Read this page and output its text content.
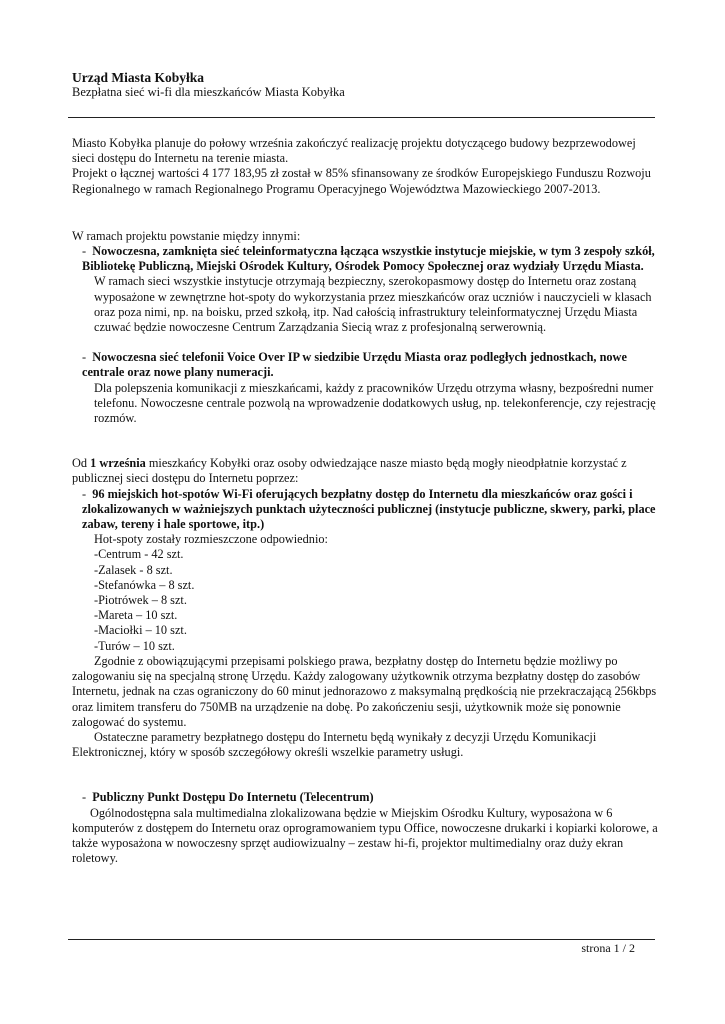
Urząd Miasta Kobyłka
Bezpłatna sieć wi-fi dla mieszkańców Miasta Kobyłka

Miasto Kobyłka planuje do połowy września zakończyć realizację projektu dotyczącego budowy bezprzewodowej sieci dostępu do Internetu na terenie miasta.

Projekt o łącznej wartości 4 177 183,95 zł został w 85% sfinansowany ze środków Europejskiego Funduszu Rozwoju Regionalnego w ramach Regionalnego Programu Operacyjnego Województwa Mazowieckiego 2007-2013.

W ramach projektu powstanie między innymi:

- Nowoczesna, zamknięta sieć teleinformatyczna łącząca wszystkie instytucje miejskie, w tym 3 zespoły szkół, Bibliotekę Publiczną, Miejski Ośrodek Kultury, Ośrodek Pomocy Społecznej oraz wydziały Urzędu Miasta.

W ramach sieci wszystkie instytucje otrzymają bezpieczny, szerokopasmowy dostęp do Internetu oraz zostaną wyposażone w zewnętrzne hot-spoty do wykorzystania przez mieszkańców oraz uczniów i nauczycieli w klasach oraz poza nimi, np. na boisku, przed szkołą, itp. Nad całością infrastruktury teleinformatycznej Urzędu Miasta czuwać będzie nowoczesne Centrum Zarządzania Siecią wraz z profesjonalną serwerownią.

- Nowoczesna sieć telefonii Voice Over IP w siedzibie Urzędu Miasta oraz podległych jednostkach, nowe centrale oraz nowe plany numeracji.

Dla polepszenia komunikacji z mieszkańcami, każdy z pracowników Urzędu otrzyma własny, bezpośredni numer telefonu. Nowoczesne centrale pozwolą na wprowadzenie dodatkowych usług, np. telekonferencje, czy rejestrację rozmów.

Od 1 września mieszkańcy Kobyłki oraz osoby odwiedzające nasze miasto będą mogły nieodpłatnie korzystać z publicznej sieci dostępu do Internetu poprzez:

- 96 miejskich hot-spotów Wi-Fi oferujących bezpłatny dostęp do Internetu dla mieszkańców oraz gości i zlokalizowanych w ważniejszych punktach użyteczności publicznej (instytucje publiczne, skwery, parki, place zabaw, tereny i hale sportowe, itp.)

Hot-spoty zostały rozmieszczone odpowiednio:

-Centrum - 42 szt.

-Zalasek - 8 szt.

-Stefanówka – 8 szt.

-Piotrówek – 8 szt.

-Mareta – 10 szt.

-Maciołki – 10 szt.

-Turów – 10 szt.

Zgodnie z obowiązującymi przepisami polskiego prawa, bezpłatny dostęp do Internetu będzie możliwy po zalogowaniu się na specjalną stronę Urzędu. Każdy zalogowany użytkownik otrzyma bezpłatny dostęp do zasobów Internetu, jednak na czas ograniczony do 60 minut jednorazowo z maksymalną prędkością nie przekraczającą 256kbps oraz limitem transferu do 750MB na urządzenie na dobę. Po zakończeniu sesji, użytkownik może się ponownie zalogować do systemu.

Ostateczne parametry bezpłatnego dostępu do Internetu będą wynikały z decyzji Urzędu Komunikacji Elektronicznej, który w sposób szczegółowy określi wszelkie parametry usługi.

- Publiczny Punkt Dostępu Do Internetu (Telecentrum)

Ogólnodostępna sala multimedialna zlokalizowana będzie w Miejskim Ośrodku Kultury, wyposażona w 6 komputerów z dostępem do Internetu oraz oprogramowaniem typu Office, nowoczesne drukarki i kopiarki kolorowe, a także wyposażona w nowoczesny sprzęt audiowizualny – zestaw hi-fi, projektor multimedialny oraz duży ekran roletowy.

strona 1 / 2
